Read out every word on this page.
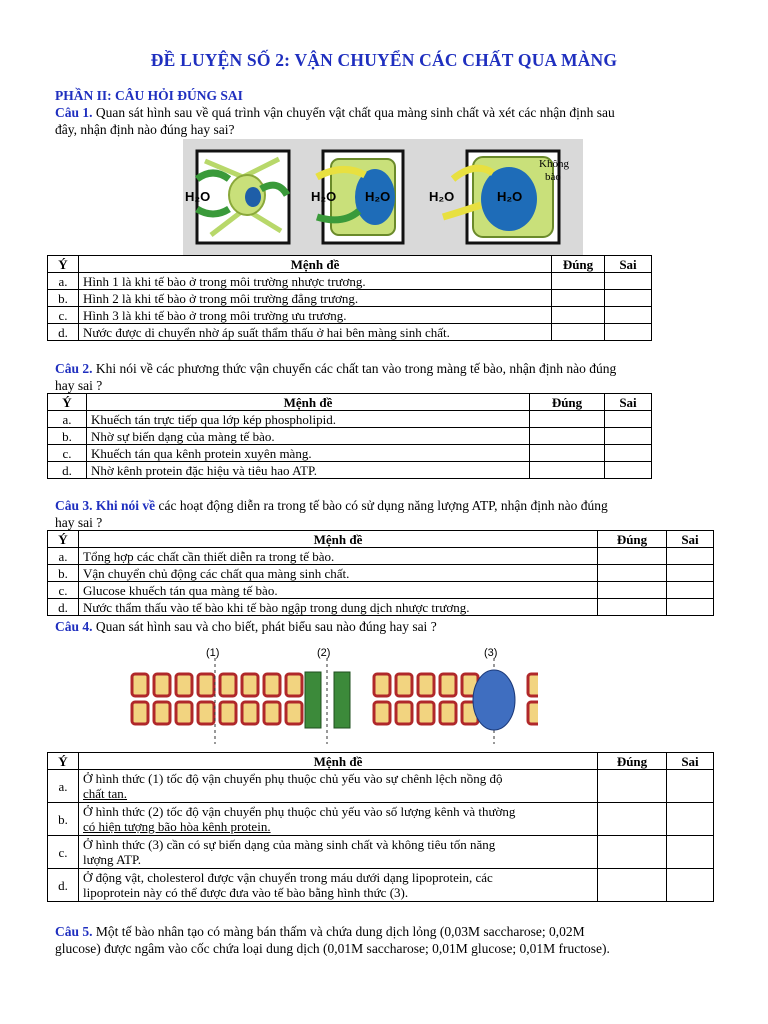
ĐỀ LUYỆN SỐ 2: VẬN CHUYỂN CÁC CHẤT QUA MÀNG
PHẦN II: CÂU HỎI ĐÚNG SAI
Câu 1. Quan sát hình sau về quá trình vận chuyển vật chất qua màng sinh chất và xét các nhận định sau
đây, nhận định nào đúng hay sai?
H₂O	H₂O H₂O	H₂O	H₂O
Không
bào
Ý	Mệnh đề	Đúng	Sai
a.	Hình 1 là khi tế bào ở trong môi trường nhược trương.		
b.	Hình 2 là khi tế bào ở trong môi trường đẳng trương.		
c.	Hình 3 là khi tế bào ở trong môi trường ưu trương.		
d.	Nước được di chuyển nhờ áp suất thẩm thấu ở hai bên màng sinh chất.		
Câu 2. Khi nói về các phương thức vận chuyển các chất tan vào trong màng tế bào, nhận định nào đúng
hay sai ?
Ý	Mệnh đề	Đúng	Sai
a.	Khuếch tán trực tiếp qua lớp kép phospholipid.		
b.	Nhờ sự biến dạng của màng tế bào.		
c.	Khuếch tán qua kênh protein xuyên màng.		
d.	Nhờ kênh protein đặc hiệu và tiêu hao ATP.		
Câu 3. Khi nói về các hoạt động diễn ra trong tế bào có sử dụng năng lượng ATP, nhận định nào đúng
hay sai ?
Ý	Mệnh đề	Đúng	Sai
a.	Tổng hợp các chất cần thiết diễn ra trong tế bào.		
b.	Vận chuyển chủ động các chất qua màng sinh chất.		
c.	Glucose khuếch tán qua màng tế bào.		
d.	Nước thẩm thấu vào tế bào khi tế bào ngập trong dung dịch nhược trương.		
Câu 4. Quan sát hình sau và cho biết, phát biểu sau nào đúng hay sai ?
(1)	(2)	(3)
Ý	Mệnh đề	Đúng	Sai
a.	Ở hình thức (1) tốc độ vận chuyển phụ thuộc chủ yếu vào sự chênh lệch nồng độ
chất tan.		
b.	Ở hình thức (2) tốc độ vận chuyển phụ thuộc chủ yếu vào số lượng kênh và thường
có hiện tượng bão hòa kênh protein.		
c.	Ở hình thức (3) cần có sự biến dạng của màng sinh chất và không tiêu tốn năng
lượng ATP.		
d.	Ở động vật, cholesterol được vận chuyển trong máu dưới dạng lipoprotein, các
lipoprotein này có thể được đưa vào tế bào bằng hình thức (3).		
Câu 5. Một tế bào nhân tạo có màng bán thấm và chứa dung dịch lỏng (0,03M saccharose; 0,02M
glucose) được ngâm vào cốc chứa loại dung dịch (0,01M saccharose; 0,01M glucose; 0,01M fructose).
